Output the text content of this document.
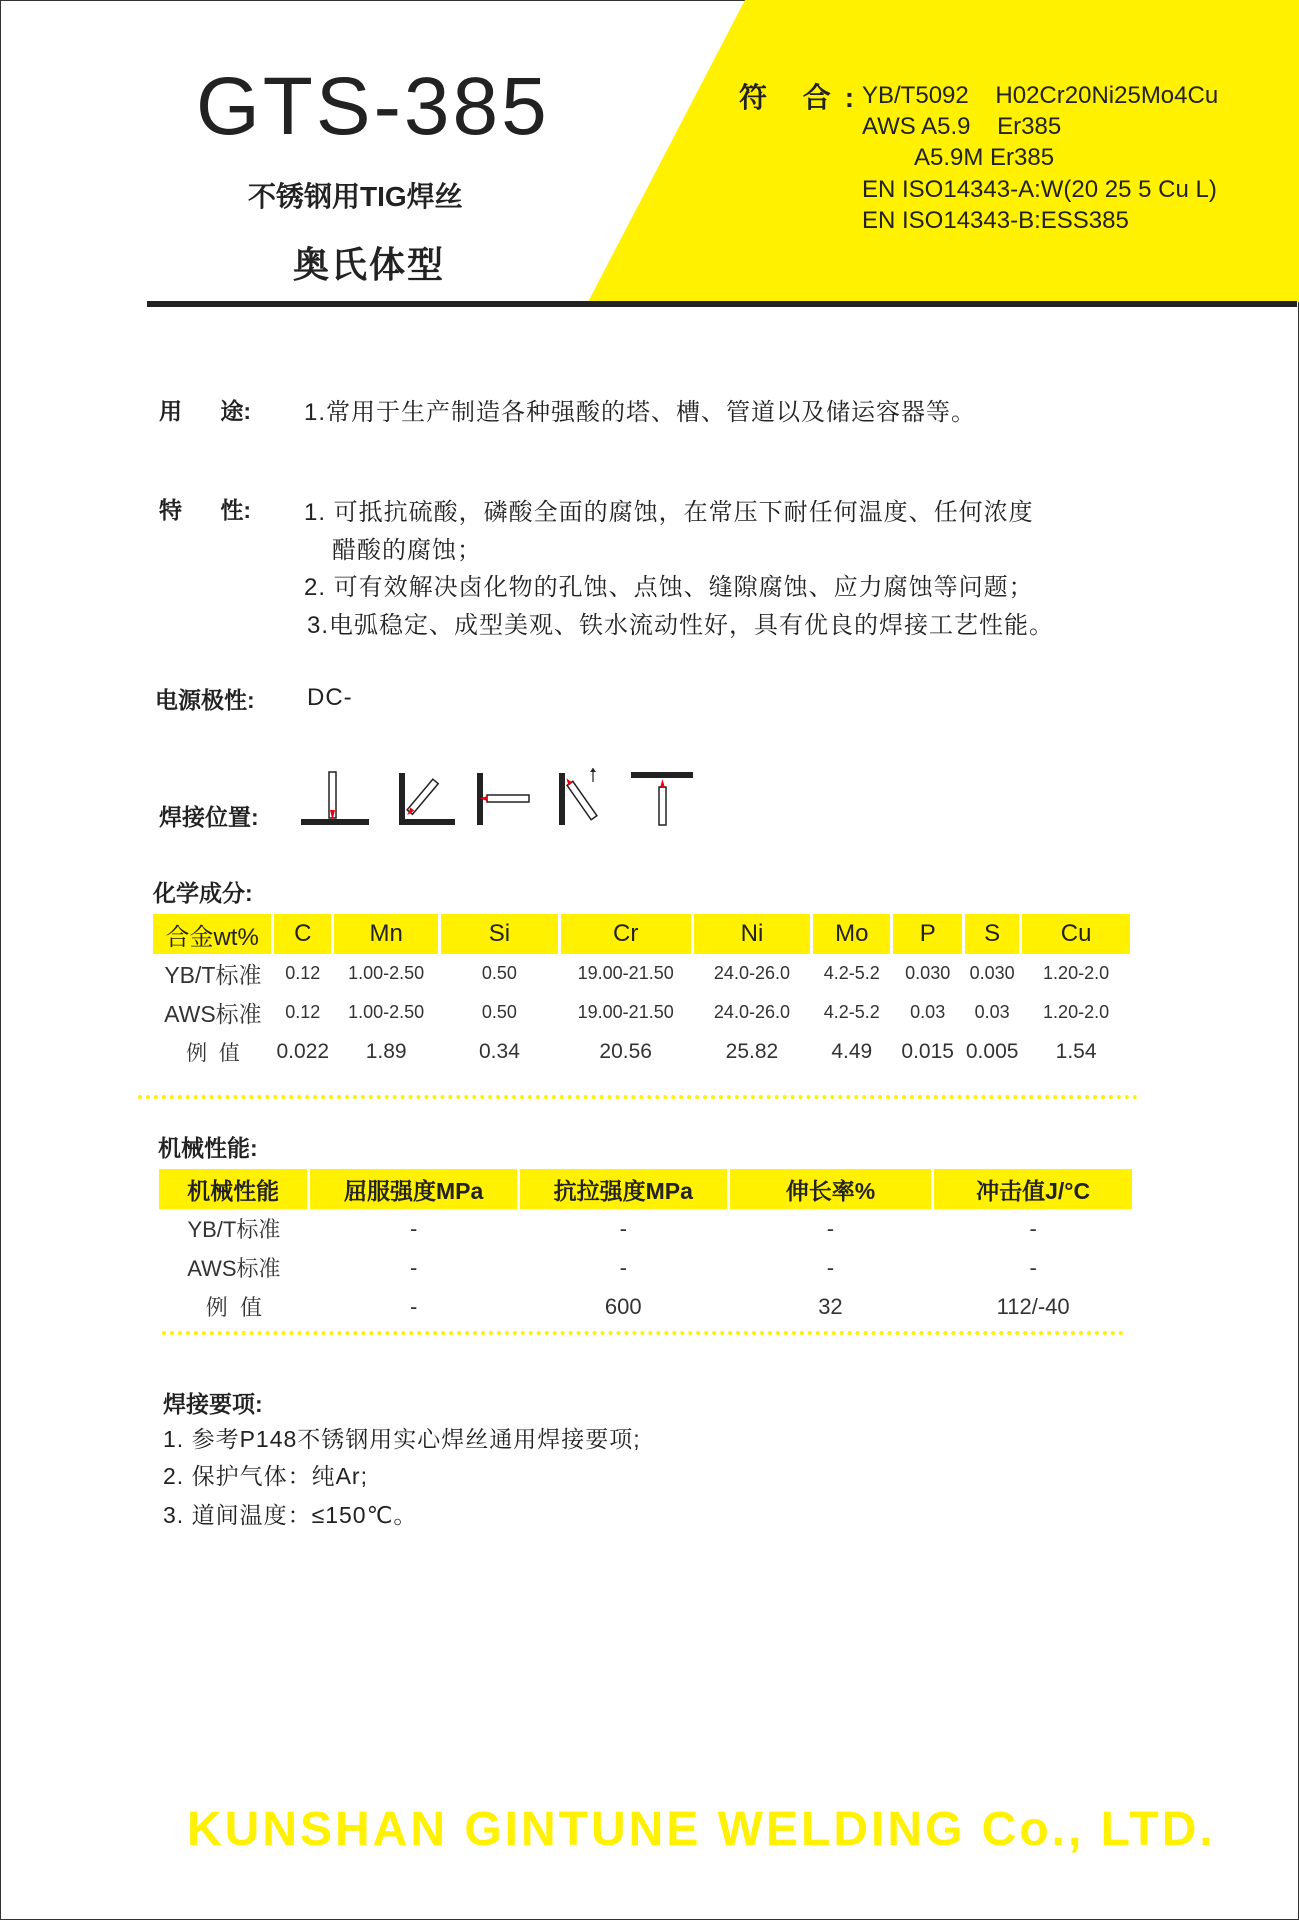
GTS-385
不锈钢用TIG焊丝
奥氏体型
符 合:
YB/T5092    H02Cr20Ni25Mo4Cu
AWS A5.9    Er385
A5.9M Er385
EN ISO14343-A:W(20 25 5 Cu L)
EN ISO14343-B:ESS385
用      途: 1.常用于生产制造各种强酸的塔、槽、管道以及储运容器等。
特      性: 1. 可抵抗硫酸，磷酸全面的腐蚀，在常压下耐任何温度、任何浓度
醋酸的腐蚀；
2. 可有效解决卤化物的孔蚀、点蚀、缝隙腐蚀、应力腐蚀等问题；
3.电弧稳定、成型美观、铁水流动性好，具有优良的焊接工艺性能。
电源极性: DC-
焊接位置:
化学成分:
合金wt%	C	Mn	Si	Cr	Ni	Mo	P	S	Cu
YB/T标准	0.12	1.00-2.50	0.50	19.00-21.50	24.0-26.0	4.2-5.2	0.030	0.030	1.20-2.0
AWS标准	0.12	1.00-2.50	0.50	19.00-21.50	24.0-26.0	4.2-5.2	0.03	0.03	1.20-2.0
例  值	0.022	1.89	0.34	20.56	25.82	4.49	0.015	0.005	1.54
机械性能:
机械性能	屈服强度MPa	抗拉强度MPa	伸长率%	冲击值J/°C
YB/T标准	-	-	-	-
AWS标准	-	-	-	-
例  值	-	600	32	112/-40
焊接要项:
1. 参考P148不锈钢用实心焊丝通用焊接要项;
2. 保护气体：纯Ar;
3. 道间温度：≤150℃。
KUNSHAN GINTUNE WELDING Co., LTD.
